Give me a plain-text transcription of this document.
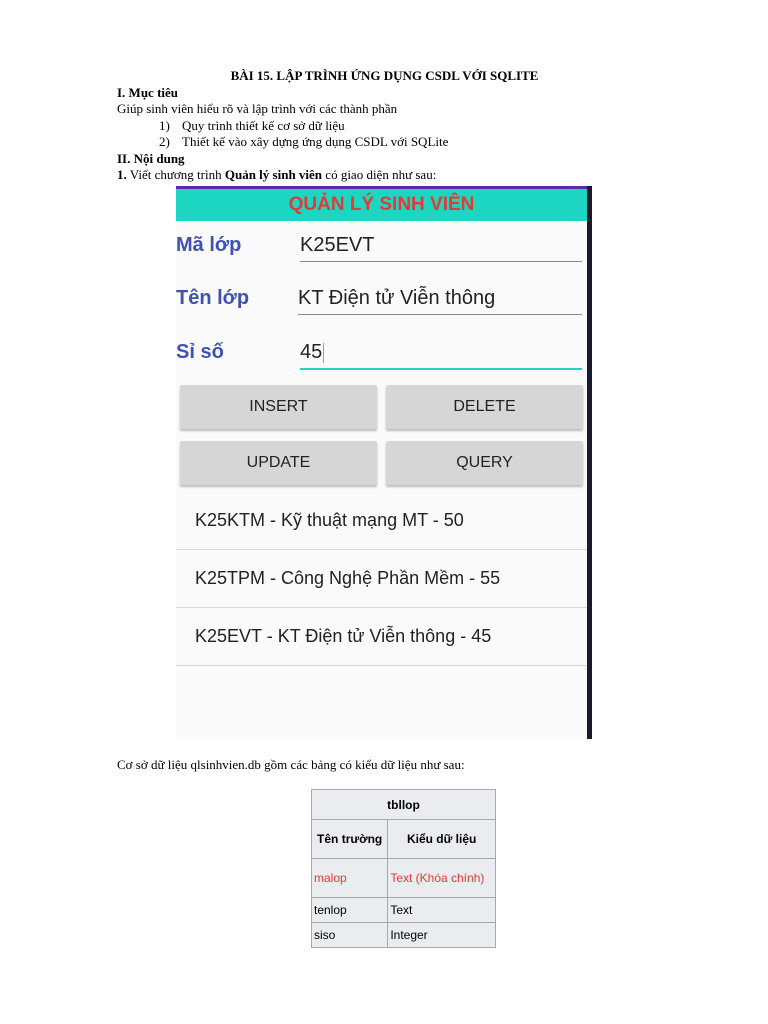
BÀI 15. LẬP TRÌNH ỨNG DỤNG CSDL VỚI SQLITE
I. Mục tiêu
Giúp sinh viên hiểu rõ và lập trình với các thành phần
1) Quy trình thiết kế cơ sở dữ liệu
2) Thiết kế vào xây dựng ứng dụng CSDL với SQLite
II. Nội dung
1. Viết chương trình Quản lý sinh viên có giao diện như sau:
QUẢN LÝ SINH VIÊN
Mã lớp	K25EVT
Tên lớp KT Điện tử Viễn thông
Sỉ số	45
INSERT	DELETE
UPDATE	QUERY
K25KTM - Kỹ thuật mạng MT - 50
K25TPM - Công Nghệ Phần Mềm - 55
K25EVT - KT Điện tử Viễn thông - 45
Cơ sở dữ liệu qlsinhvien.db gồm các bảng có kiểu dữ liệu như sau:
tbllop	
Tên trường	Kiểu dữ liệu
malop	Text (Khóa chính)
tenlop	Text
siso	Integer
